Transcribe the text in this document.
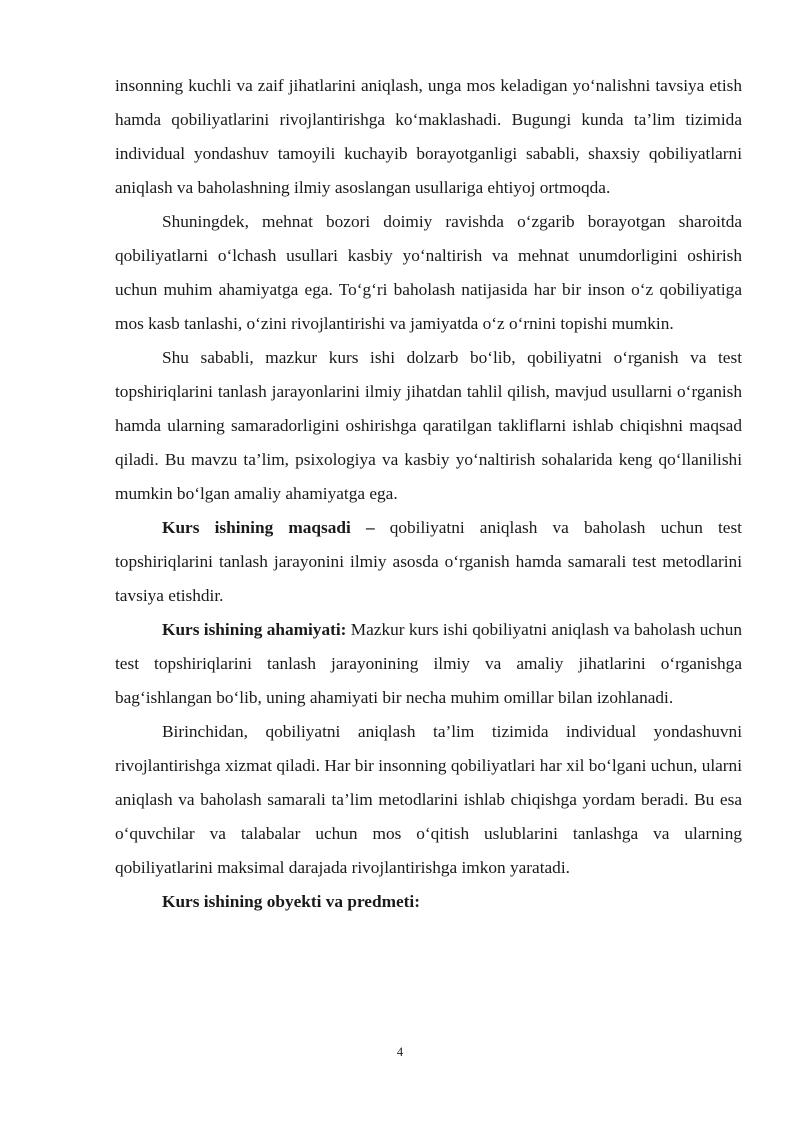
insonning kuchli va zaif jihatlarini aniqlash, unga mos keladigan yo‘nalishni tavsiya etish hamda qobiliyatlarini rivojlantirishga ko‘maklashadi. Bugungi kunda ta’lim tizimida individual yondashuv tamoyili kuchayib borayotganligi sababli, shaxsiy qobiliyatlarni aniqlash va baholashning ilmiy asoslangan usullariga ehtiyoj ortmoqda.

Shuningdek, mehnat bozori doimiy ravishda o‘zgarib borayotgan sharoitda qobiliyatlarni o‘lchash usullari kasbiy yo‘naltirish va mehnat unumdorligini oshirish uchun muhim ahamiyatga ega. To‘g‘ri baholash natijasida har bir inson o‘z qobiliyatiga mos kasb tanlashi, o‘zini rivojlantirishi va jamiyatda o‘z o‘rnini topishi mumkin.

Shu sababli, mazkur kurs ishi dolzarb bo‘lib, qobiliyatni o‘rganish va test topshiriqlarini tanlash jarayonlarini ilmiy jihatdan tahlil qilish, mavjud usullarni o‘rganish hamda ularning samaradorligini oshirishga qaratilgan takliflarni ishlab chiqishni maqsad qiladi. Bu mavzu ta’lim, psixologiya va kasbiy yo‘naltirish sohalarida keng qo‘llanilishi mumkin bo‘lgan amaliy ahamiyatga ega.

Kurs ishining maqsadi – qobiliyatni aniqlash va baholash uchun test topshiriqlarini tanlash jarayonini ilmiy asosda o‘rganish hamda samarali test metodlarini tavsiya etishdir.

Kurs ishining ahamiyati: Mazkur kurs ishi qobiliyatni aniqlash va baholash uchun test topshiriqlarini tanlash jarayonining ilmiy va amaliy jihatlarini o‘rganishga bag‘ishlangan bo‘lib, uning ahamiyati bir necha muhim omillar bilan izohlanadi.

Birinchidan, qobiliyatni aniqlash ta’lim tizimida individual yondashuvni rivojlantirishga xizmat qiladi. Har bir insonning qobiliyatlari har xil bo‘lgani uchun, ularni aniqlash va baholash samarali ta’lim metodlarini ishlab chiqishga yordam beradi. Bu esa o‘quvchilar va talabalar uchun mos o‘qitish uslublarini tanlashga va ularning qobiliyatlarini maksimal darajada rivojlantirishga imkon yaratadi.

Kurs ishining obyekti va predmeti:

4
